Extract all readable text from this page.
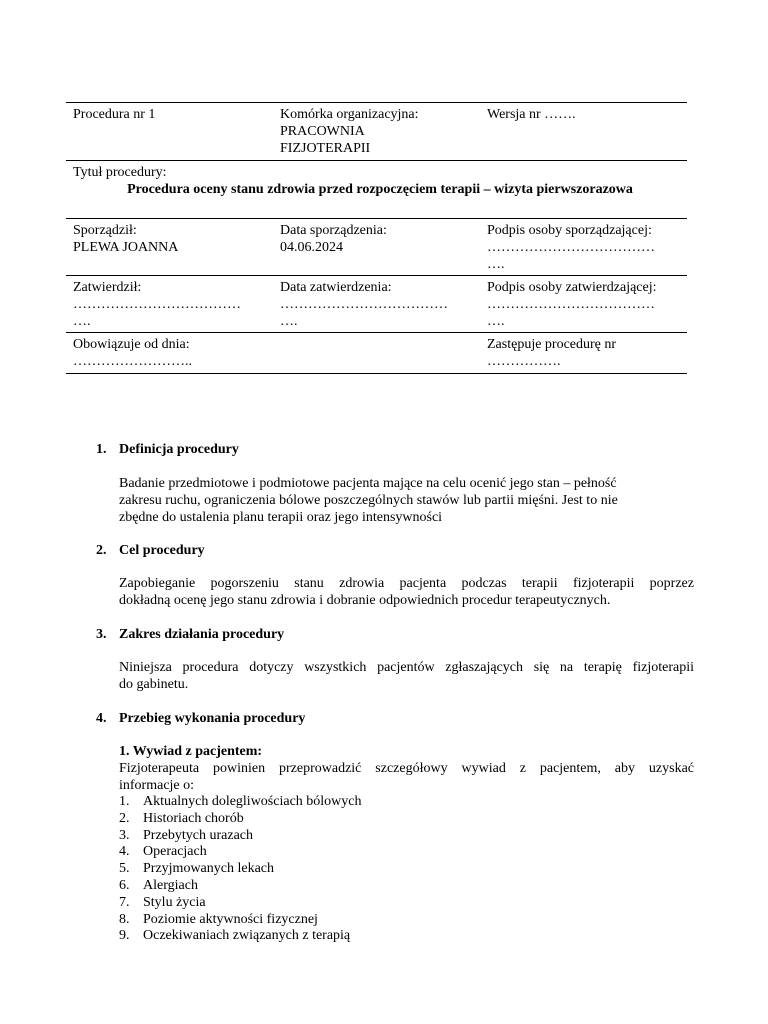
Procedura nr 1	Komórka organizacyjna:
PRACOWNIA
FIZJOTERAPII
Wersja nr …….
Tytuł procedury:
Procedura oceny stanu zdrowia przed rozpoczęciem terapii – wizyta pierwszorazowa
Sporządził:
PLEWA JOANNA
Data sporządzenia:
04.06.2024
Podpis osoby sporządzającej:
………………………………
….
Zatwierdził:
………………………………
….
Data zatwierdzenia:
………………………………
….
Podpis osoby zatwierdzającej:
………………………………
….
Obowiązuje od dnia:
……………………..
Zastępuje procedurę nr
…………….
1. Definicja procedury
Badanie przedmiotowe i podmiotowe pacjenta mające na celu ocenić jego stan – pełność
zakresu ruchu, ograniczenia bólowe poszczególnych stawów lub partii mięśni. Jest to nie
zbędne do ustalenia planu terapii oraz jego intensywności
2. Cel procedury
Zapobieganie pogorszeniu stanu zdrowia pacjenta podczas terapii fizjoterapii poprzez
dokładną ocenę jego stanu zdrowia i dobranie odpowiednich procedur terapeutycznych.
3. Zakres działania procedury
Niniejsza procedura dotyczy wszystkich pacjentów zgłaszających się na terapię fizjoterapii
do gabinetu.
4. Przebieg wykonania procedury
1. Wywiad z pacjentem:
Fizjoterapeuta powinien przeprowadzić szczegółowy wywiad z pacjentem, aby uzyskać
informacje o:
1. Aktualnych dolegliwościach bólowych
2. Historiach chorób
3. Przebytych urazach
4. Operacjach
5. Przyjmowanych lekach
6. Alergiach
7. Stylu życia
8. Poziomie aktywności fizycznej
9. Oczekiwaniach związanych z terapią
